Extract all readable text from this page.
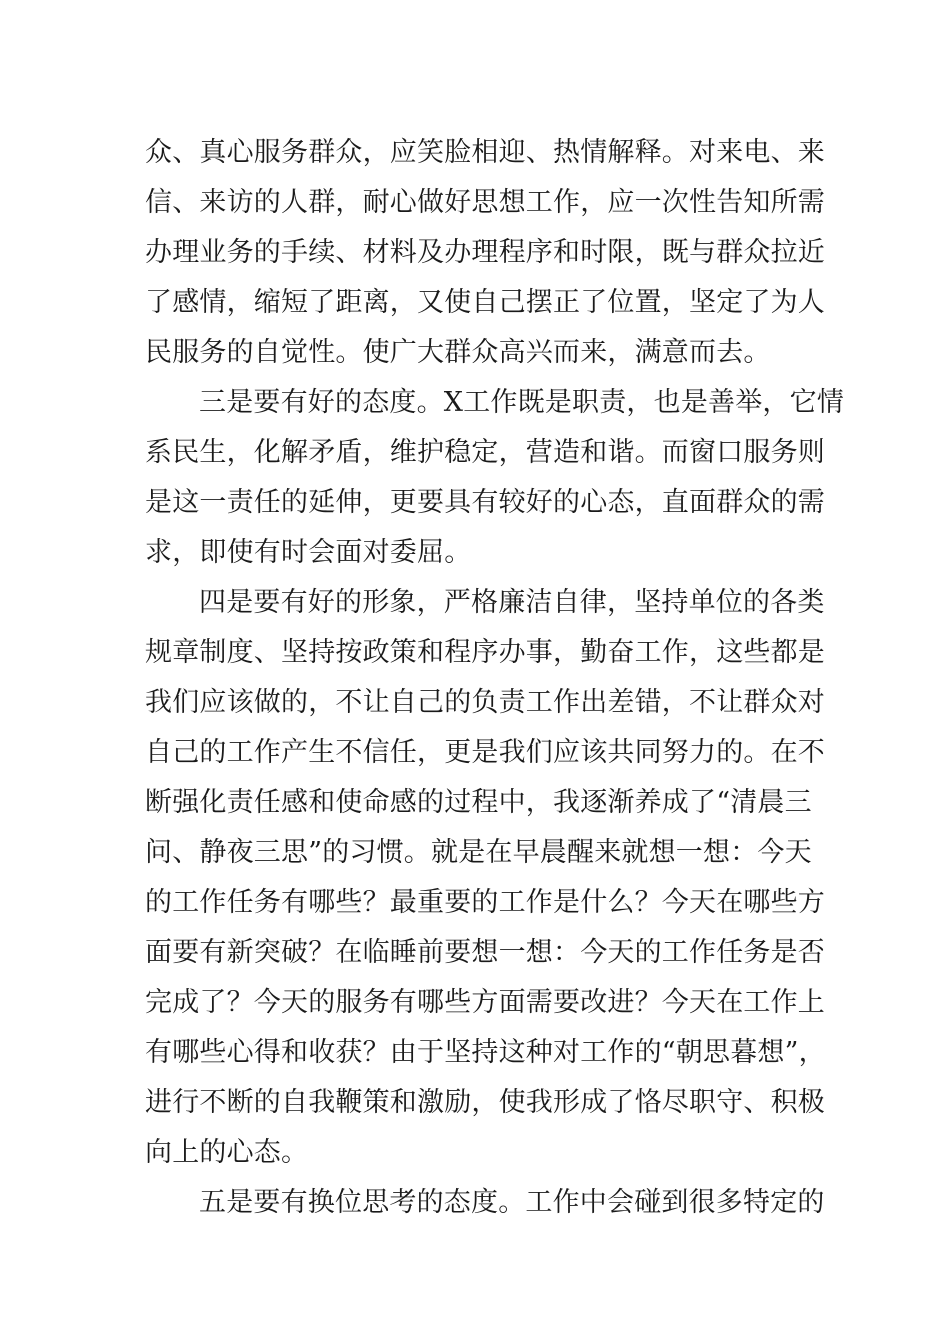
众、真心服务群众，应笑脸相迎、热情解释。对来电、来
信、来访的人群，耐心做好思想工作，应一次性告知所需
办理业务的手续、材料及办理程序和时限，既与群众拉近
了感情，缩短了距离，又使自己摆正了位置，坚定了为人
民服务的自觉性。使广大群众高兴而来，满意而去。
三是要有好的态度。X工作既是职责，也是善举，它情
系民生，化解矛盾，维护稳定，营造和谐。而窗口服务则
是这一责任的延伸，更要具有较好的心态，直面群众的需
求，即使有时会面对委屈。
四是要有好的形象，严格廉洁自律，坚持单位的各类
规章制度、坚持按政策和程序办事，勤奋工作，这些都是
我们应该做的，不让自己的负责工作出差错，不让群众对
自己的工作产生不信任，更是我们应该共同努力的。在不
断强化责任感和使命感的过程中，我逐渐养成了“清晨三
问、静夜三思”的习惯。就是在早晨醒来就想一想：今天
的工作任务有哪些？最重要的工作是什么？今天在哪些方
面要有新突破？在临睡前要想一想：今天的工作任务是否
完成了？今天的服务有哪些方面需要改进？今天在工作上
有哪些心得和收获？由于坚持这种对工作的“朝思暮想”，
进行不断的自我鞭策和激励，使我形成了恪尽职守、积极
向上的心态。
五是要有换位思考的态度。工作中会碰到很多特定的
